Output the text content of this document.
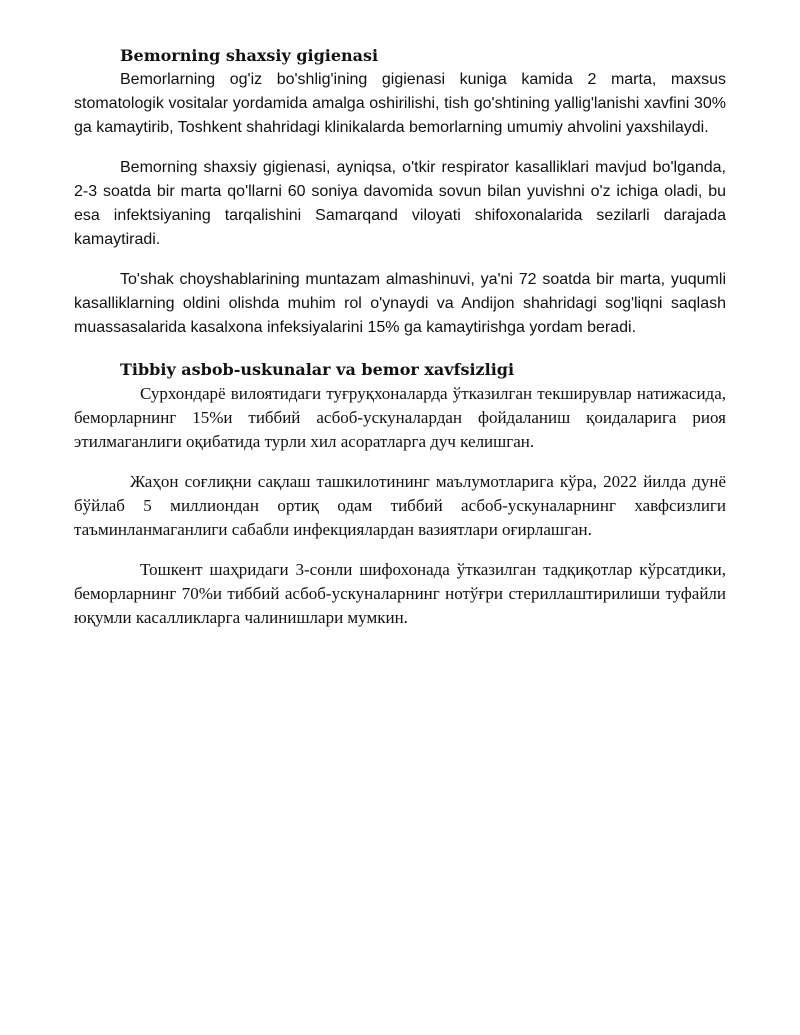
Bemorning shaxsiy gigienasi

Bemorlarning og'iz bo'shlig'ining gigienasi kuniga kamida 2 marta, maxsus stomatologik vositalar yordamida amalga oshirilishi, tish go'shtining yallig'lanishi xavfini 30% ga kamaytirib, Toshkent shahridagi klinikalarda bemorlarning umumiy ahvolini yaxshilaydi.

Bemorning shaxsiy gigienasi, ayniqsa, o'tkir respirator kasalliklari mavjud bo'lganda, 2-3 soatda bir marta qo'llarni 60 soniya davomida sovun bilan yuvishni o'z ichiga oladi, bu esa infektsiyaning tarqalishini Samarqand viloyati shifoxonalarida sezilarli darajada kamaytiradi.

To'shak choyshablarining muntazam almashinuvi, ya'ni 72 soatda bir marta, yuqumli kasalliklarning oldini olishda muhim rol o'ynaydi va Andijon shahridagi sog'liqni saqlash muassasalarida kasalxona infeksiyalarini 15% ga kamaytirishga yordam beradi.

Tibbiy asbob-uskunalar va bemor xavfsizligi

Сурхондарё вилоятидаги туғруқхоналарда ўтказилган текширувлар натижасида, беморларнинг 15%и тиббий асбоб-ускуналардан фойдаланиш қоидаларига риоя этилмаганлиги оқибатида турли хил асоратларга дуч келишган.

Жаҳон соғлиқни сақлаш ташкилотининг маълумотларига кўра, 2022 йилда дунё бўйлаб 5 миллиондан ортиқ одам тиббий асбоб-ускуналарнинг хавфсизлиги таъминланмаганлиги сабабли инфекциялардан вазиятлари оғирлашган.

Тошкент шаҳридаги 3-сонли шифохонада ўтказилган тадқиқотлар кўрсатдики, беморларнинг 70%и тиббий асбоб-ускуналарнинг нотўғри стериллаштирилиши туфайли юқумли касалликларга чалинишлари мумкин.
